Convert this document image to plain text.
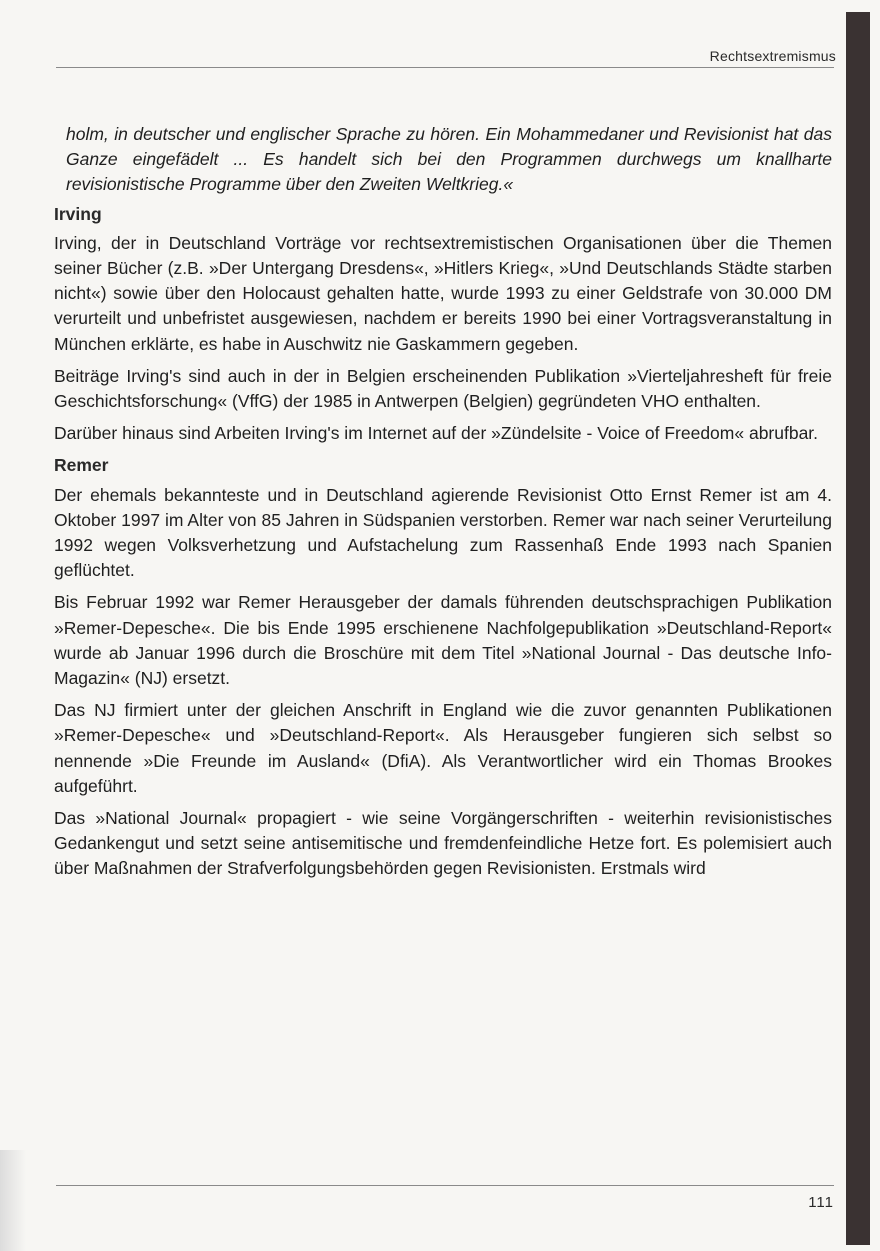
Rechtsextremismus

holm, in deutscher und englischer Sprache zu hören. Ein Mohammedaner und Revisionist hat das Ganze eingefädelt ... Es handelt sich bei den Programmen durchwegs um knallharte revisionistische Programme über den Zweiten Weltkrieg.«

Irving

Irving, der in Deutschland Vorträge vor rechtsextremistischen Organisationen über die Themen seiner Bücher (z.B. »Der Untergang Dresdens«, »Hitlers Krieg«, »Und Deutschlands Städte starben nicht«) sowie über den Holocaust gehalten hatte, wurde 1993 zu einer Geldstrafe von 30.000 DM verurteilt und unbefristet ausgewiesen, nachdem er bereits 1990 bei einer Vortragsveranstaltung in München erklärte, es habe in Auschwitz nie Gaskammern gegeben.

Beiträge Irving's sind auch in der in Belgien erscheinenden Publikation »Vierteljahresheft für freie Geschichtsforschung« (VffG) der 1985 in Antwerpen (Belgien) gegründeten VHO enthalten.

Darüber hinaus sind Arbeiten Irving's im Internet auf der »Zündelsite - Voice of Freedom« abrufbar.

Remer

Der ehemals bekannteste und in Deutschland agierende Revisionist Otto Ernst Remer ist am 4. Oktober 1997 im Alter von 85 Jahren in Südspanien verstorben. Remer war nach seiner Verurteilung 1992 wegen Volksverhetzung und Aufstachelung zum Rassenhaß Ende 1993 nach Spanien geflüchtet.

Bis Februar 1992 war Remer Herausgeber der damals führenden deutschsprachigen Publikation »Remer-Depesche«. Die bis Ende 1995 erschienene Nachfolgepublikation »Deutschland-Report« wurde ab Januar 1996 durch die Broschüre mit dem Titel »National Journal - Das deutsche Info-Magazin« (NJ) ersetzt.

Das NJ firmiert unter der gleichen Anschrift in England wie die zuvor genannten Publikationen »Remer-Depesche« und »Deutschland-Report«. Als Herausgeber fungieren sich selbst so nennende »Die Freunde im Ausland« (DfiA). Als Verantwortlicher wird ein Thomas Brookes aufgeführt.

Das »National Journal« propagiert - wie seine Vorgängerschriften - weiterhin revisionistisches Gedankengut und setzt seine antisemitische und fremdenfeindliche Hetze fort. Es polemisiert auch über Maßnahmen der Strafverfolgungsbehörden gegen Revisionisten. Erstmals wird

111
